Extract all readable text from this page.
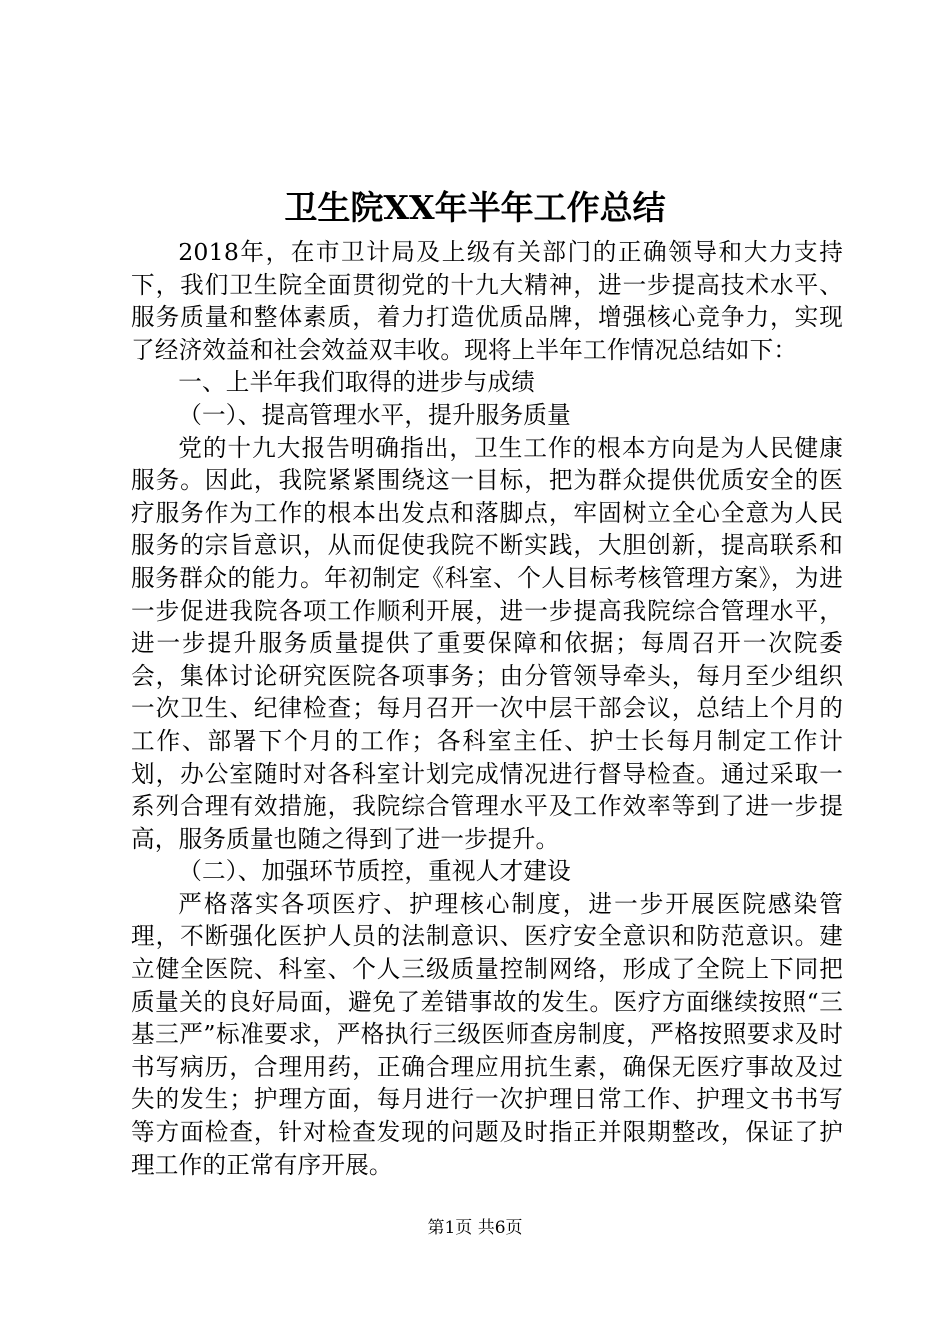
卫生院XX年半年工作总结

2018年，在市卫计局及上级有关部门的正确领导和大力支持下，我们卫生院全面贯彻党的十九大精神，进一步提高技术水平、服务质量和整体素质，着力打造优质品牌，增强核心竞争力，实现了经济效益和社会效益双丰收。现将上半年工作情况总结如下：

一、上半年我们取得的进步与成绩

（一）、提高管理水平，提升服务质量

党的十九大报告明确指出，卫生工作的根本方向是为人民健康服务。因此，我院紧紧围绕这一目标，把为群众提供优质安全的医疗服务作为工作的根本出发点和落脚点，牢固树立全心全意为人民服务的宗旨意识，从而促使我院不断实践，大胆创新，提高联系和服务群众的能力。年初制定《科室、个人目标考核管理方案》，为进一步促进我院各项工作顺利开展，进一步提高我院综合管理水平，进一步提升服务质量提供了重要保障和依据；每周召开一次院委会，集体讨论研究医院各项事务；由分管领导牵头，每月至少组织一次卫生、纪律检查；每月召开一次中层干部会议，总结上个月的工作、部署下个月的工作；各科室主任、护士长每月制定工作计划，办公室随时对各科室计划完成情况进行督导检查。通过采取一系列合理有效措施，我院综合管理水平及工作效率等到了进一步提高，服务质量也随之得到了进一步提升。

（二）、加强环节质控，重视人才建设

严格落实各项医疗、护理核心制度，进一步开展医院感染管理，不断强化医护人员的法制意识、医疗安全意识和防范意识。建立健全医院、科室、个人三级质量控制网络，形成了全院上下同把质量关的良好局面，避免了差错事故的发生。医疗方面继续按照“三基三严”标准要求，严格执行三级医师查房制度，严格按照要求及时书写病历，合理用药，正确合理应用抗生素，确保无医疗事故及过失的发生；护理方面，每月进行一次护理日常工作、护理文书书写等方面检查，针对检查发现的问题及时指正并限期整改，保证了护理工作的正常有序开展。

第1页 共6页
